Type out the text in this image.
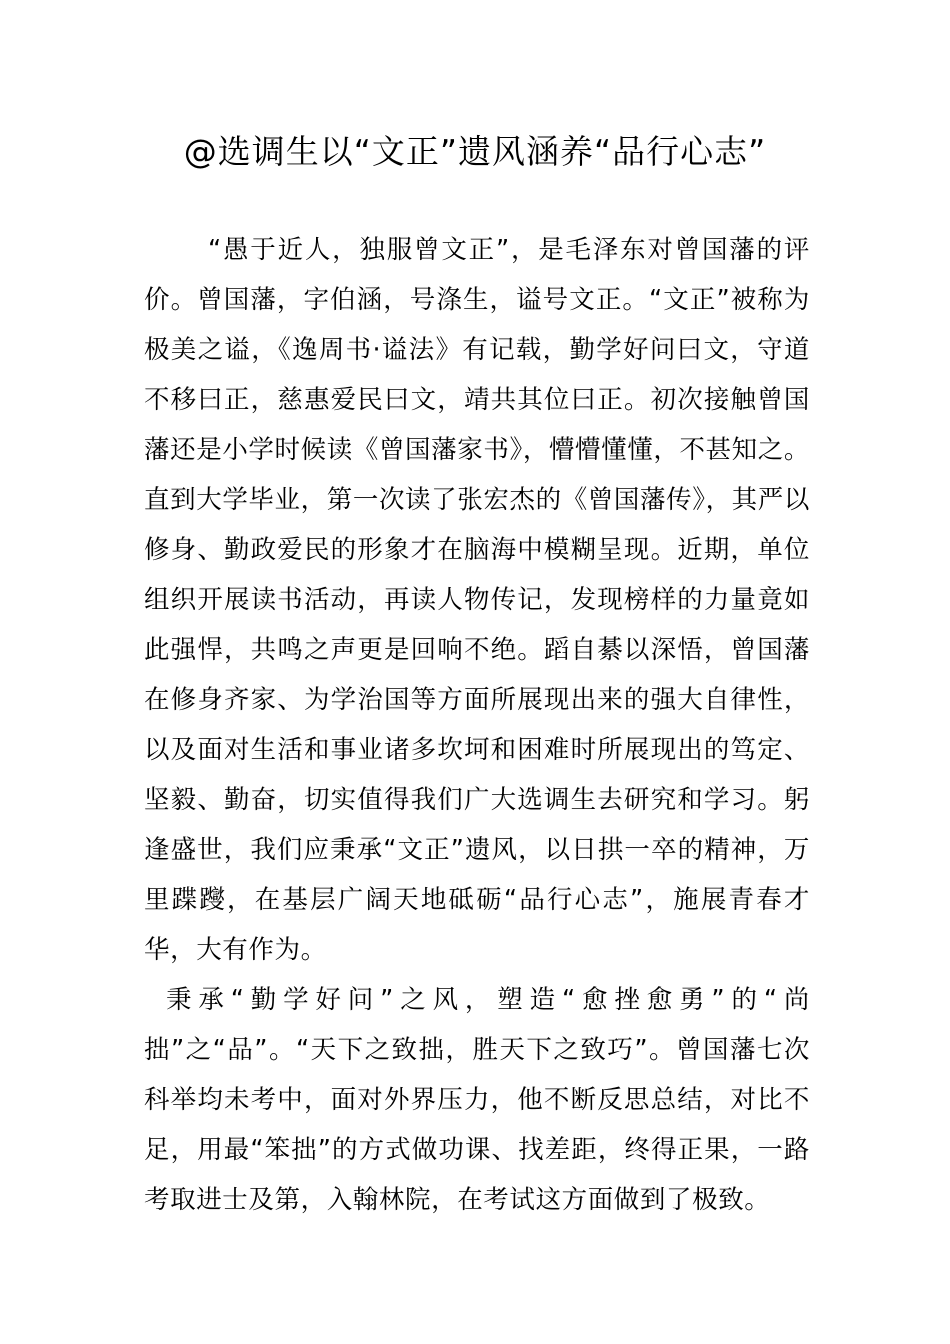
@选调生以“文正”遗风涵养“品行心志”

“愚于近人，独服曾文正”，是毛泽东对曾国藩的评价。曾国藩，字伯涵，号涤生，谥号文正。“文正”被称为极美之谥，《逸周书·谥法》有记载，勤学好问曰文，守道不移曰正，慈惠爱民曰文，靖共其位曰正。初次接触曾国藩还是小学时候读《曾国藩家书》，懵懵懂懂，不甚知之。直到大学毕业，第一次读了张宏杰的《曾国藩传》，其严以修身、勤政爱民的形象才在脑海中模糊呈现。近期，单位组织开展读书活动，再读人物传记，发现榜样的力量竟如此强悍，共鸣之声更是回响不绝。蹈自綦以深悟，曾国藩在修身齐家、为学治国等方面所展现出来的强大自律性，以及面对生活和事业诸多坎坷和困难时所展现出的笃定、坚毅、勤奋，切实值得我们广大选调生去研究和学习。躬逢盛世，我们应秉承“文正”遗风，以日拱一卒的精神，万里蹀躞，在基层广阔天地砥砺“品行心志”，施展青春才华，大有作为。

秉承“勤学好问”之风，塑造“愈挫愈勇”的“尚拙”之“品”。“天下之致拙，胜天下之致巧”。曾国藩七次科举均未考中，面对外界压力，他不断反思总结，对比不足，用最“笨拙”的方式做功课、找差距，终得正果，一路考取进士及第，入翰林院，在考试这方面做到了极致。
